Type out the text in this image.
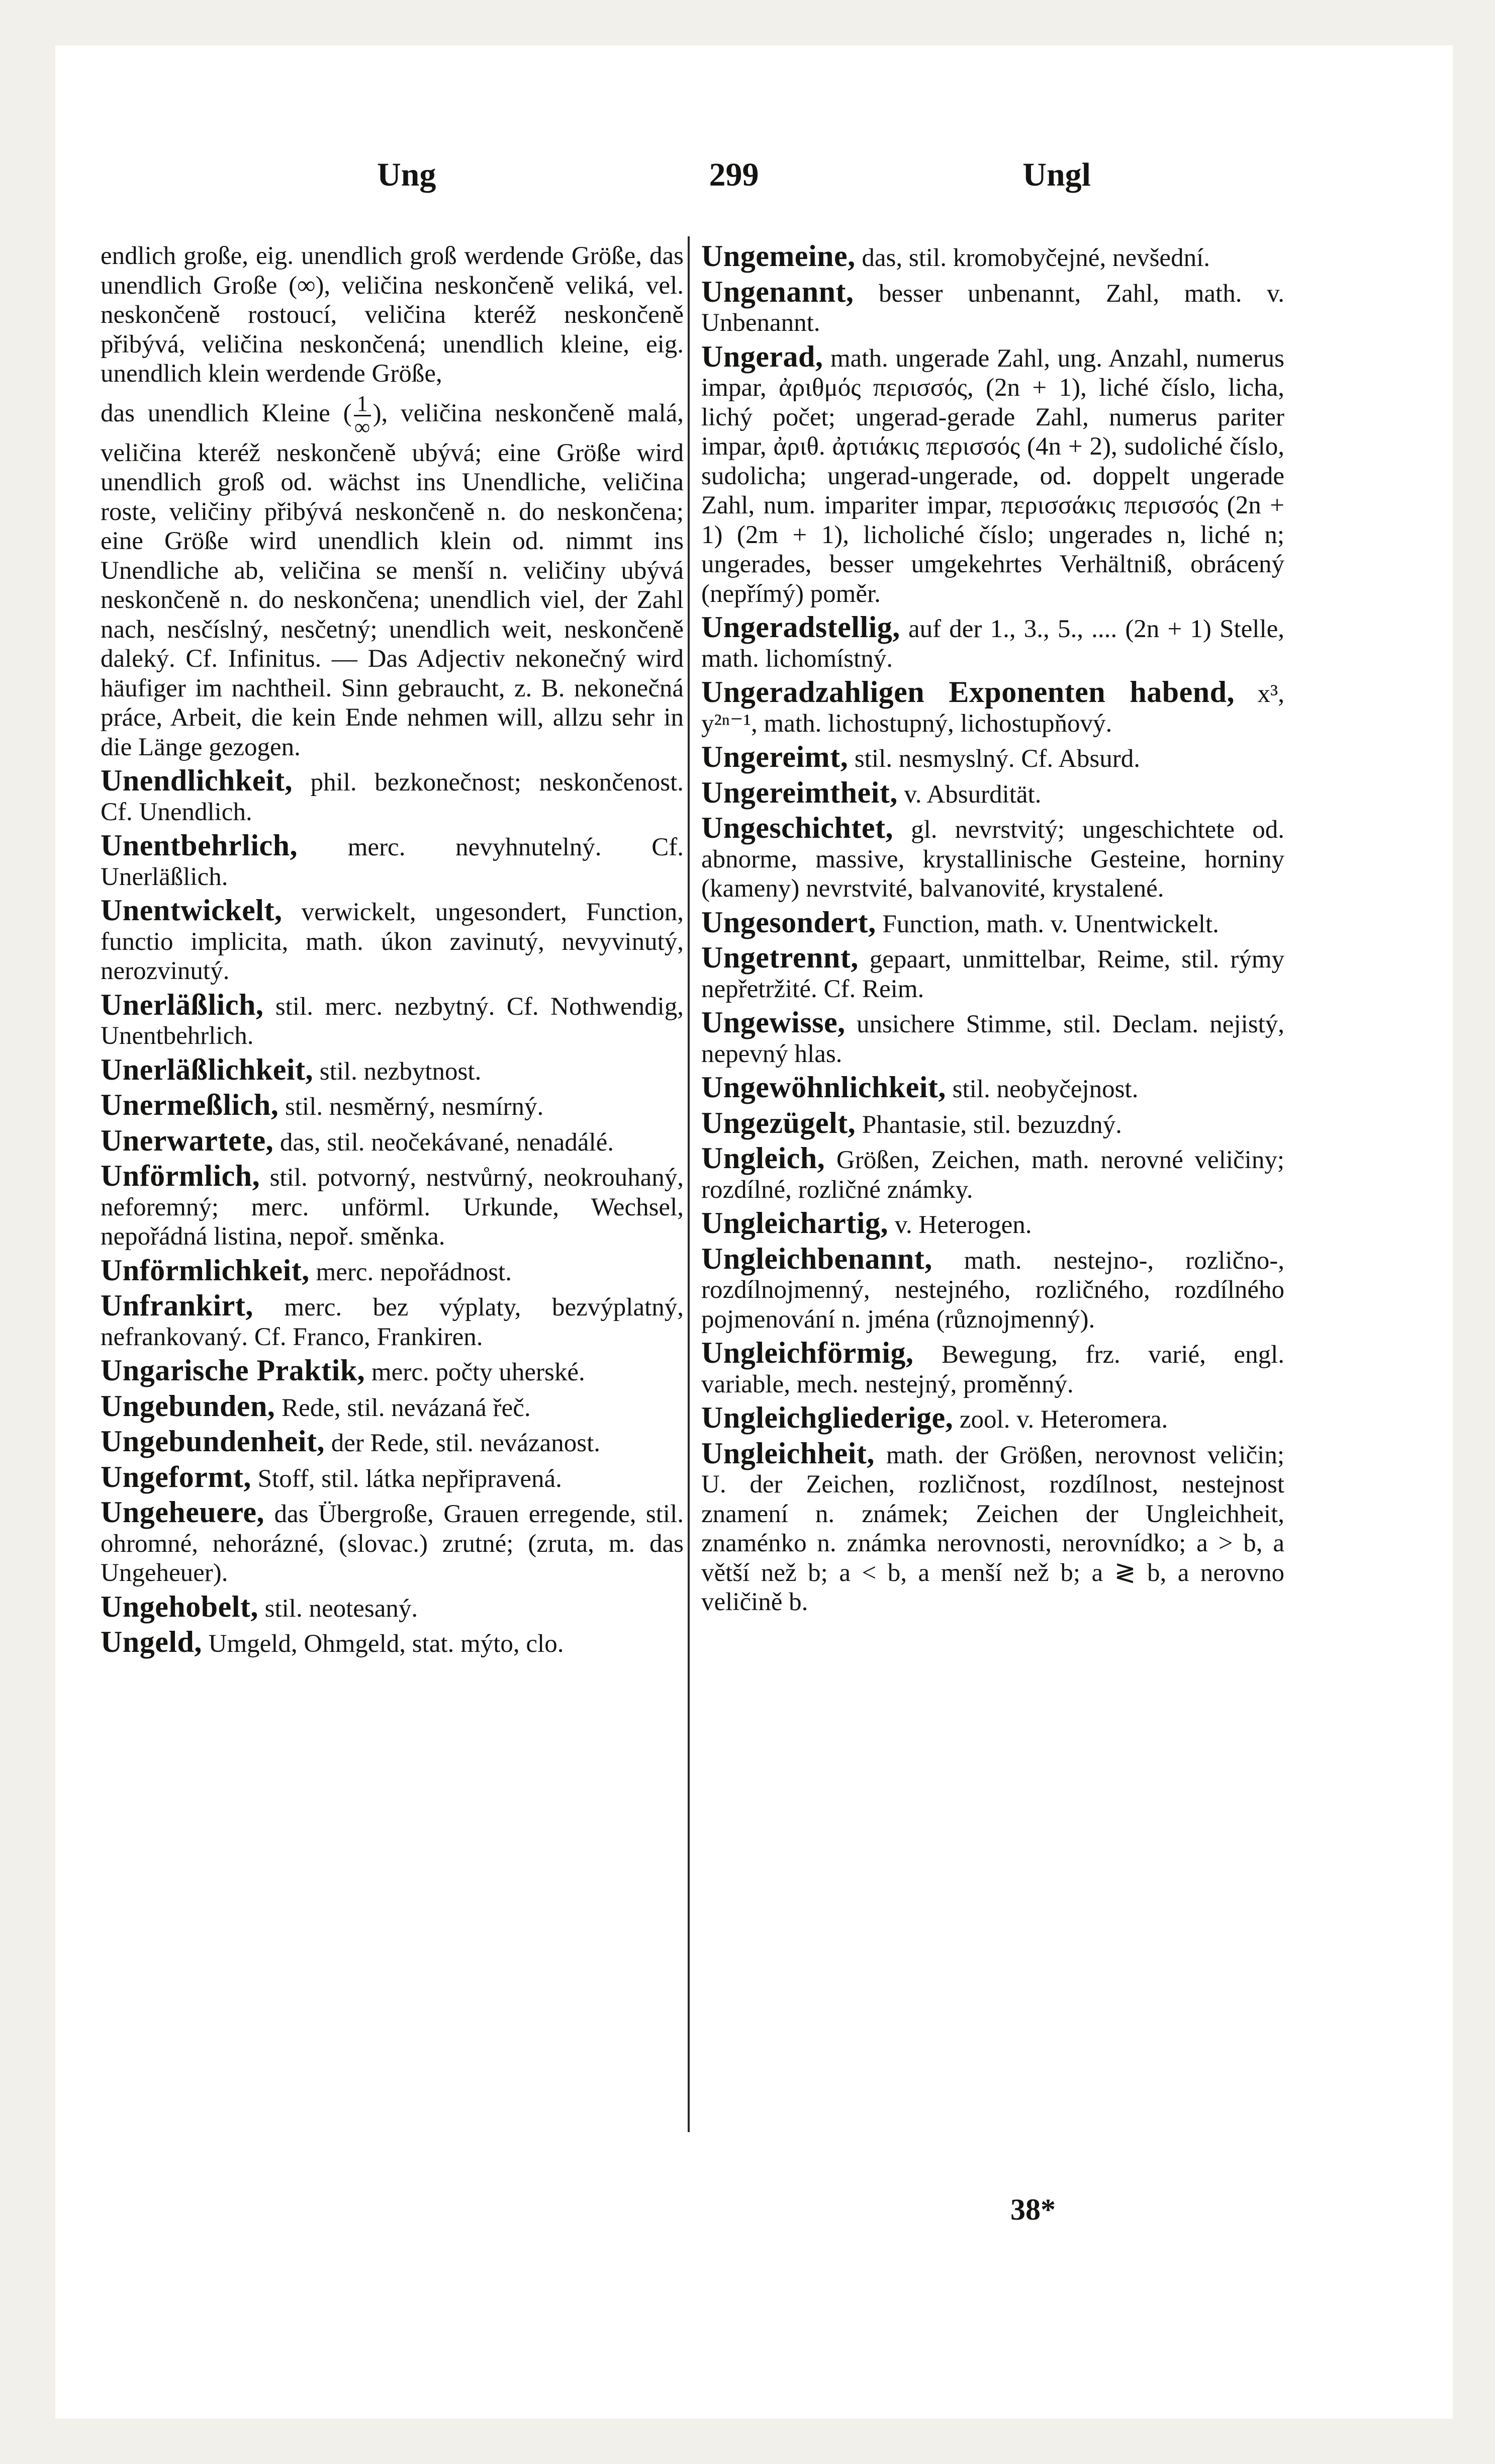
Ung	299	Ungl
endlich große, eig. unendlich groß werdende Größe, das unendlich Große (∞), veličina neskončeně veliká, vel. neskončeně rostoucí, veličina kteréž neskončeně přibývá, veličina neskončená; unendlich kleine, eig. unendlich klein werdende Größe,
das unendlich Kleine ( $\frac{1}{\infty}$ ), veličina neskončeně malá, veličina kteréž neskončeně ubývá; eine Größe wird unendlich groß od. wächst ins Unendliche, veličina roste, veličiny přibývá neskončeně n. do neskončena; eine Größe wird unendlich klein od. nimmt ins Unendliche ab, veličina se menší n. veličiny ubývá neskončeně n. do neskončena; unendlich viel, der Zahl nach, nesčíslný, nesčetný; unendlich weit, neskončeně daleký. Cf. Infinitus. — Das Adjectiv nekonečný wird häufiger im nachtheil. Sinn gebraucht, z. B. nekonečná práce, Arbeit, die kein Ende nehmen will, allzu sehr in die Länge gezogen.
Unendlichkeit, phil. bezkonečnost; neskončenost. Cf. Unendlich.
Unentbehrlich, merc. nevyhnutelný. Cf. Unerläßlich.
Unentwickelt, verwickelt, ungesondert, Function, functio implicita, math. úkon zavinutý, nevyvinutý, nerozvinutý.
Unerläßlich, stil. merc. nezbytný. Cf. Nothwendig, Unentbehrlich.
Unerläßlichkeit, stil. nezbytnost.
Unermeßlich, stil. nesměrný, nesmírný.
Unerwartete, das, stil. neočekávané, nenadálé.
Unförmlich, stil. potvorný, nestvůrný, neokrouhaný, neforemný; merc. unförml. Urkunde, Wechsel, nepořádná listina, nepoř. směnka.
Unförmlichkeit, merc. nepořádnost.
Unfrankirt, merc. bez výplaty, bezvýplatný, nefrankovaný. Cf. Franco, Frankiren.
Ungarische Praktik, merc. počty uherské.
Ungebunden, Rede, stil. nevázaná řeč.
Ungebundenheit, der Rede, stil. nevázanost.
Ungeformt, Stoff, stil. látka nepřipravená.
Ungeheuere, das Übergroße, Grauen erregende, stil. ohromné, nehorázné, (slovac.) zrutné; (zruta, m. das Ungeheuer).
Ungehobelt, stil. neotesaný.
Ungeld, Umgeld, Ohmgeld, stat. mýto, clo.
Ungemeine, das, stil. kromobyčejné, nevšední.
Ungenannt, besser unbenannt, Zahl, math. v. Unbenannt.
Ungerad, math. ungerade Zahl, ung. Anzahl, numerus impar, ἀριθμός περισσός, (2n + 1), liché číslo, licha, lichý počet; ungerad-gerade Zahl, numerus pariter impar, ἀριθ. ἀρτιάκις περισσός (4n + 2), sudoliché číslo, sudolicha; ungerad-ungerade, od. doppelt ungerade Zahl, num. impariter impar, περισσάκις περισσός (2n + 1) (2m + 1), licholiché číslo; ungerades n, liché n; ungerades, besser umgekehrtes Verhältniß, obrácený (nepřímý) poměr.
Ungeradstellig, auf der 1., 3., 5., .... (2n + 1) Stelle, math. lichomístný.
Ungeradzahligen Exponenten habend, x³, y²ⁿ⁻¹, math. lichostupný, lichostupňový.
Ungereimt, stil. nesmyslný. Cf. Absurd.
Ungereimtheit, v. Absurdität.
Ungeschichtet, gl. nevrstvitý; ungeschichtete od. abnorme, massive, krystallinische Gesteine, horniny (kameny) nevrstvité, balvanovité, krystalené.
Ungesondert, Function, math. v. Unentwickelt.
Ungetrennt, gepaart, unmittelbar, Reime, stil. rýmy nepřetržité. Cf. Reim.
Ungewisse, unsichere Stimme, stil. Declam. nejistý, nepevný hlas.
Ungewöhnlichkeit, stil. neobyčejnost.
Ungezügelt, Phantasie, stil. bezuzdný.
Ungleich, Größen, Zeichen, math. nerovné veličiny; rozdílné, rozličné známky.
Ungleichartig, v. Heterogen.
Ungleichbenannt, math. nestejno-, rozlično-, rozdílnojmenný, nestejného, rozličného, rozdílného pojmenování n. jména (různojmenný).
Ungleichförmig, Bewegung, frz. varié, engl. variable, mech. nestejný, proměnný.
Ungleichgliederige, zool. v. Heteromera.
Ungleichheit, math. der Größen, nerovnost veličin; U. der Zeichen, rozličnost, rozdílnost, nestejnost znamení n. známek; Zeichen der Ungleichheit, znaménko n. známka nerovnosti, nerovnídko; a > b, a větší než b; a < b, a menší než b; a ≷ b, a nerovno veličině b.
38*
